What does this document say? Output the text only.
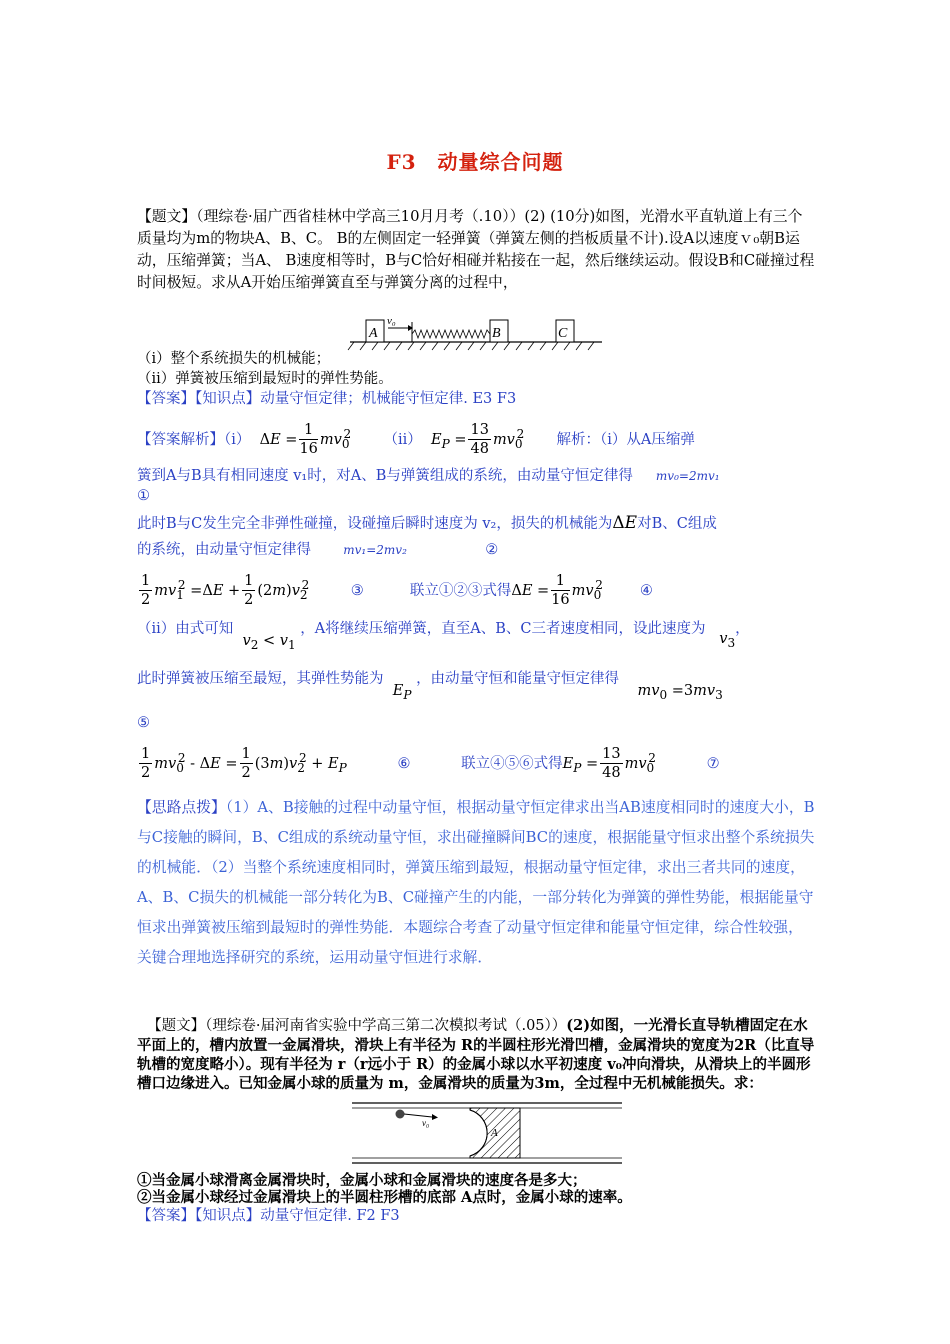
F3　动量综合问题
【题文】（理综卷·届广西省桂林中学高三10月月考（.10））(2) (10分)如图，光滑水平直轨道上有三个质量均为m的物块A、B、C。 B的左侧固定一轻弹簧（弹簧左侧的挡板质量不计).设A以速度ｖ₀朝B运动，压缩弹簧；当A、 B速度相等时，B与C恰好相碰并粘接在一起，然后继续运动。假设B和C碰撞过程时间极短。求从A开始压缩弹簧直至与弹簧分离的过程中，
A
v₀
B	C
（i）整个系统损失的机械能；
（ii）弹簧被压缩到最短时的弹性势能。
【答案】【知识点】动量守恒定律；机械能守恒定律. E3 F3
【答案解析】（i） $\Delta E = \frac{1}{16} mv_0^2$ （ii）  $E_P = \frac{13}{48} mv_0^2$ 解析：（i）从A压缩弹
簧到A与B具有相同速度 v₁时，对A、B与弹簧组成的系统，由动量守恒定律得 mv₀=2mv₁
①
此时B与C发生完全非弹性碰撞，设碰撞后瞬时速度为 v₂，损失的机械能为ΔE对B、C组成
的系统，由动量守恒定律得	mv₁=2mv₂	②
$\frac{1}{2} mv_1^2 =\Delta E + \frac{1}{2} (2m)v_2^2$	③	联立①②③式得$\Delta E = \frac{1}{16} mv_0^2$	④
（ii）由式可知  $v_2 < v_1$ ，A将继续压缩弹簧，直至A、B、C三者速度相同，设此速度为   $v_3$，
此时弹簧被压缩至最短，其弹性势能为  $E_P$ ，由动量守恒和能量守恒定律得    $mv_0 =3mv_3$
⑤
$\frac{1}{2} mv_0^2 - \Delta E = \frac{1}{2} (3m)v_2^2 + E_P$	⑥	联立④⑤⑥式得$E_P = \frac{13}{48} mv_0^2$	⑦
【思路点拨】（1）A、B接触的过程中动量守恒，根据动量守恒定律求出当AB速度相同时的速度大小，B与C接触的瞬间，B、C组成的系统动量守恒，求出碰撞瞬间BC的速度，根据能量守恒求出整个系统损失的机械能．（2）当整个系统速度相同时，弹簧压缩到最短，根据动量守恒定律，求出三者共同的速度，A、B、C损失的机械能一部分转化为B、C碰撞产生的内能，一部分转化为弹簧的弹性势能，根据能量守恒求出弹簧被压缩到最短时的弹性势能．本题综合考查了动量守恒定律和能量守恒定律，综合性较强，关键合理地选择研究的系统，运用动量守恒进行求解．
【题文】（理综卷·届河南省实验中学高三第二次模拟考试（.05））(2)如图，一光滑长直导轨槽固定在水平面上的，槽内放置一金属滑块，滑块上有半径为 R的半圆柱形光滑凹槽，金属滑块的宽度为2R（比直导轨槽的宽度略小）。现有半径为 r（r远小于 R）的金属小球以水平初速度 v₀冲向滑块，从滑块上的半圆形槽口边缘进入。已知金属小球的质量为 m，金属滑块的质量为3m，全过程中无机械能损失。求：
v₀
A
①当金属小球滑离金属滑块时，金属小球和金属滑块的速度各是多大；
②当金属小球经过金属滑块上的半圆柱形槽的底部 A点时，金属小球的速率。
【答案】【知识点】动量守恒定律. F2 F3
